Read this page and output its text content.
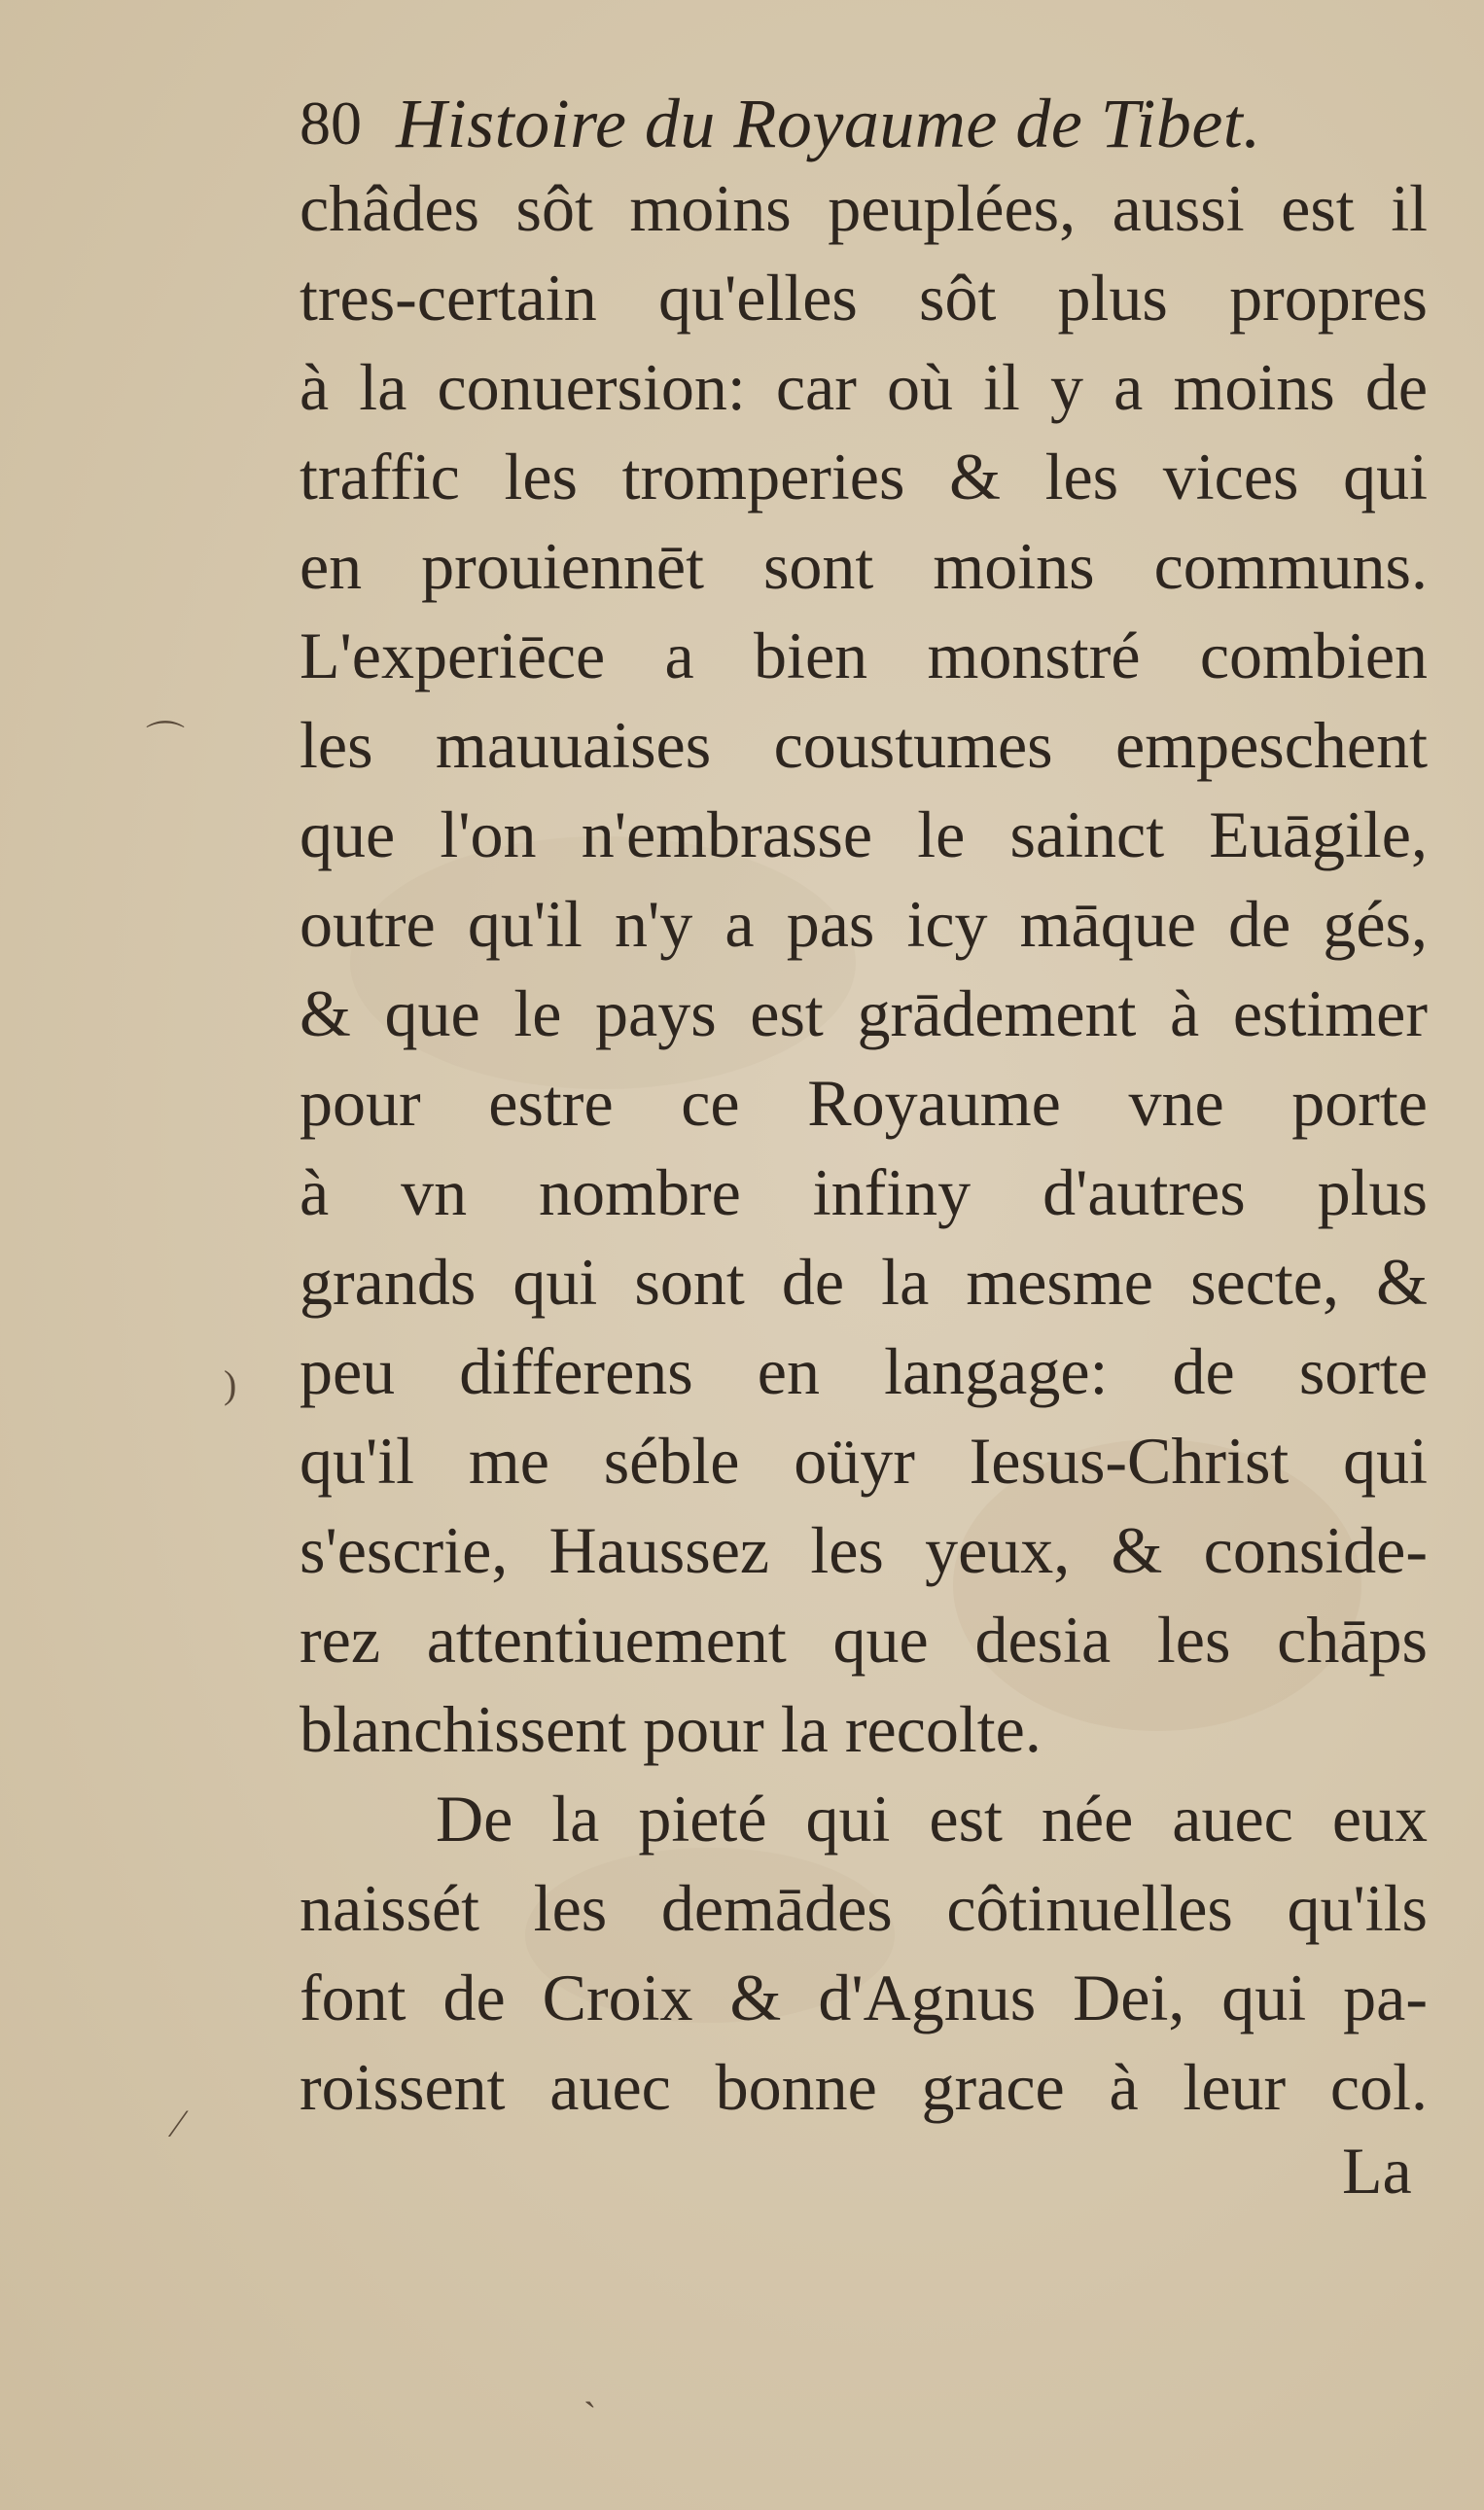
80 Histoire du Royaume de Tibet.
châdes sôt moins peuplées, aussi est il
tres-certain qu'elles sôt plus propres
à la conuersion: car où il y a moins de
traffic les tromperies & les vices qui
en prouiennēt sont moins communs.
L'experiēce a bien monstré combien
les mauuaises coustumes empeschent
que l'on n'embrasse le sainct Euāgile,
outre qu'il n'y a pas icy māque de gés,
& que le pays est grādement à estimer
pour estre ce Royaume vne porte
à vn nombre infiny d'autres plus
grands qui sont de la mesme secte, &
peu differens en langage: de sorte
qu'il me séble oüyr Iesus-Christ qui
s'escrie, Haussez les yeux, & conside-
rez attentiuement que desia les chāps
blanchissent pour la recolte.
De la pieté qui est née auec eux
naissét les demādes côtinuelles qu'ils
font de Croix & d'Agnus Dei, qui pa-
roissent auec bonne grace à leur col.
La
⌒
)
⁄
ˏ
